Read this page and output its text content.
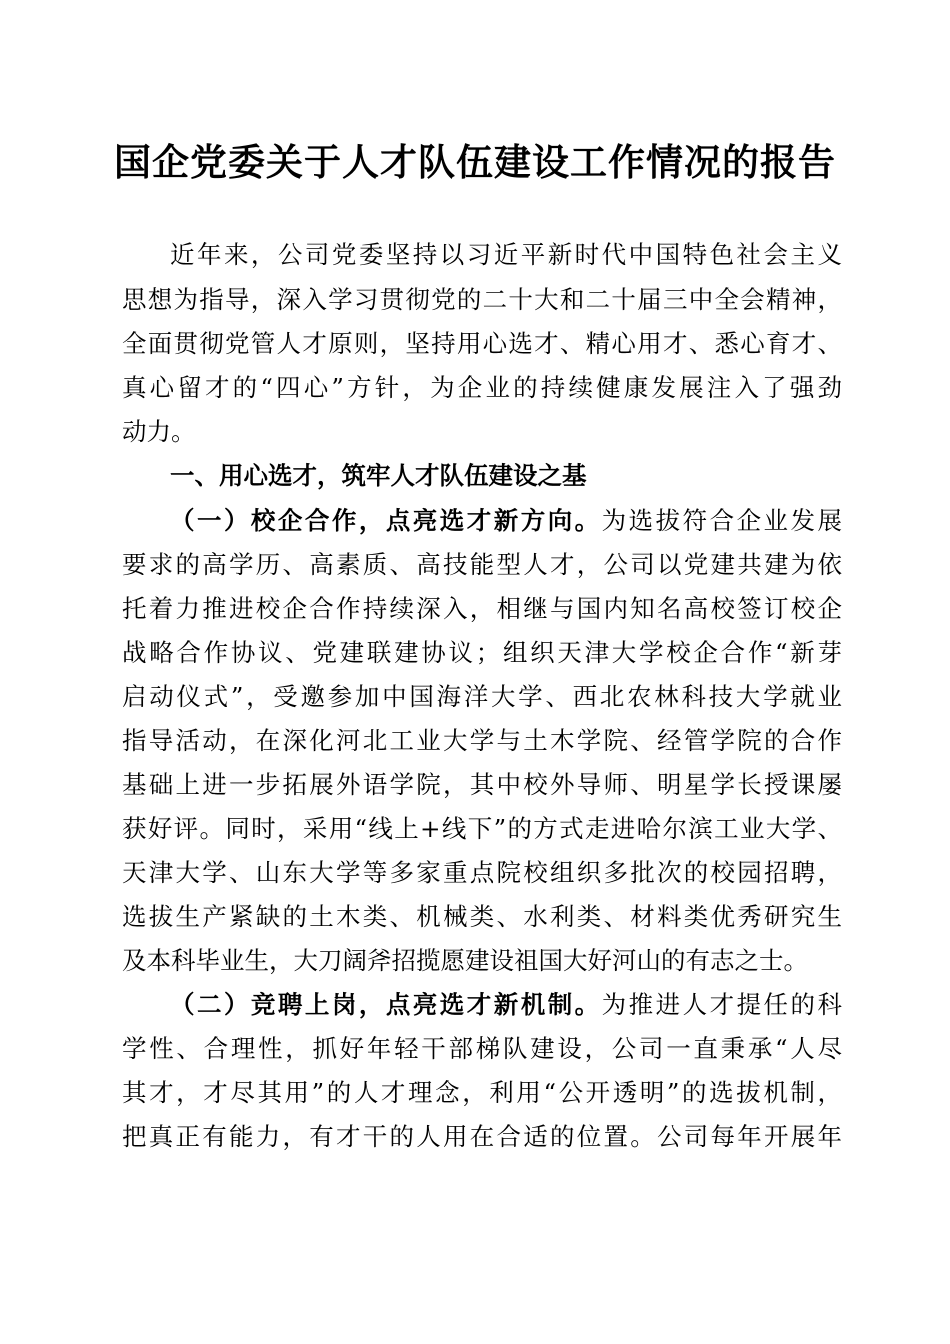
国企党委关于人才队伍建设工作情况的报告
近年来，公司党委坚持以习近平新时代中国特色社会主义
思想为指导，深入学习贯彻党的二十大和二十届三中全会精神，
全面贯彻党管人才原则，坚持用心选才、精心用才、悉心育才、
真心留才的“四心”方针，为企业的持续健康发展注入了强劲
动力。
一、用心选才，筑牢人才队伍建设之基
（一）校企合作，点亮选才新方向。为选拔符合企业发展
要求的高学历、高素质、高技能型人才，公司以党建共建为依
托着力推进校企合作持续深入，相继与国内知名高校签订校企
战略合作协议、党建联建协议；组织天津大学校企合作“新芽
启动仪式”，受邀参加中国海洋大学、西北农林科技大学就业
指导活动，在深化河北工业大学与土木学院、经管学院的合作
基础上进一步拓展外语学院，其中校外导师、明星学长授课屡
获好评。同时，采用“线上+线下”的方式走进哈尔滨工业大学、
天津大学、山东大学等多家重点院校组织多批次的校园招聘，
选拔生产紧缺的土木类、机械类、水利类、材料类优秀研究生
及本科毕业生，大刀阔斧招揽愿建设祖国大好河山的有志之士。
（二）竞聘上岗，点亮选才新机制。为推进人才提任的科
学性、合理性，抓好年轻干部梯队建设，公司一直秉承“人尽
其才，才尽其用”的人才理念，利用“公开透明”的选拔机制，
把真正有能力，有才干的人用在合适的位置。公司每年开展年
